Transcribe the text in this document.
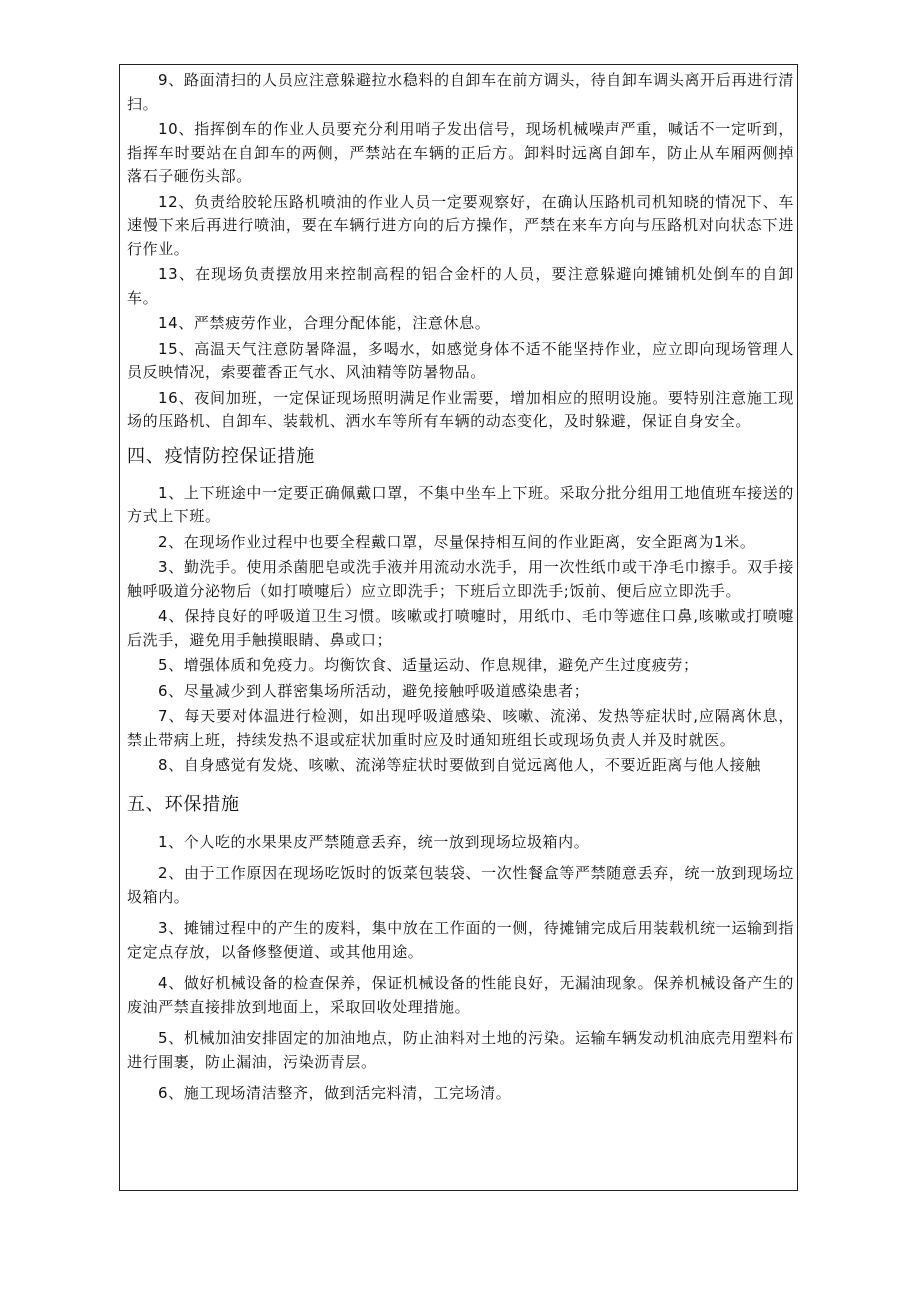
9、路面清扫的人员应注意躲避拉水稳料的自卸车在前方调头，待自卸车调头离开后再进行清扫。

10、指挥倒车的作业人员要充分利用哨子发出信号，现场机械噪声严重，喊话不一定听到，指挥车时要站在自卸车的两侧，严禁站在车辆的正后方。卸料时远离自卸车，防止从车厢两侧掉落石子砸伤头部。

12、负责给胶轮压路机喷油的作业人员一定要观察好，在确认压路机司机知晓的情况下、车速慢下来后再进行喷油，要在车辆行进方向的后方操作，严禁在来车方向与压路机对向状态下进行作业。

13、在现场负责摆放用来控制高程的铝合金杆的人员，要注意躲避向摊铺机处倒车的自卸车。

14、严禁疲劳作业，合理分配体能，注意休息。

15、高温天气注意防暑降温，多喝水，如感觉身体不适不能坚持作业，应立即向现场管理人员反映情况，索要藿香正气水、风油精等防暑物品。

16、夜间加班，一定保证现场照明满足作业需要，增加相应的照明设施。要特别注意施工现场的压路机、自卸车、装载机、洒水车等所有车辆的动态变化，及时躲避，保证自身安全。

四、疫情防控保证措施

1、上下班途中一定要正确佩戴口罩，不集中坐车上下班。采取分批分组用工地值班车接送的方式上下班。

2、在现场作业过程中也要全程戴口罩，尽量保持相互间的作业距离，安全距离为1米。

3、勤洗手。使用杀菌肥皂或洗手液并用流动水洗手，用一次性纸巾或干净毛巾擦手。双手接触呼吸道分泌物后（如打喷嚏后）应立即洗手；下班后立即洗手;饭前、便后应立即洗手。

4、保持良好的呼吸道卫生习惯。咳嗽或打喷嚏时，用纸巾、毛巾等遮住口鼻,咳嗽或打喷嚏后洗手，避免用手触摸眼睛、鼻或口；

5、增强体质和免疫力。均衡饮食、适量运动、作息规律，避免产生过度疲劳；

6、尽量减少到人群密集场所活动，避免接触呼吸道感染患者；

7、每天要对体温进行检测，如出现呼吸道感染、咳嗽、流涕、发热等症状时,应隔离休息，禁止带病上班，持续发热不退或症状加重时应及时通知班组长或现场负责人并及时就医。

8、自身感觉有发烧、咳嗽、流涕等症状时要做到自觉远离他人，不要近距离与他人接触

五、环保措施

1、个人吃的水果果皮严禁随意丢弃，统一放到现场垃圾箱内。

2、由于工作原因在现场吃饭时的饭菜包装袋、一次性餐盒等严禁随意丢弃，统一放到现场垃圾箱内。

3、摊铺过程中的产生的废料，集中放在工作面的一侧，待摊铺完成后用装载机统一运输到指定定点存放，以备修整便道、或其他用途。

4、做好机械设备的检查保养，保证机械设备的性能良好，无漏油现象。保养机械设备产生的废油严禁直接排放到地面上，采取回收处理措施。

5、机械加油安排固定的加油地点，防止油料对土地的污染。运输车辆发动机油底壳用塑料布进行围裹，防止漏油，污染沥青层。

6、施工现场清洁整齐，做到活完料清，工完场清。
